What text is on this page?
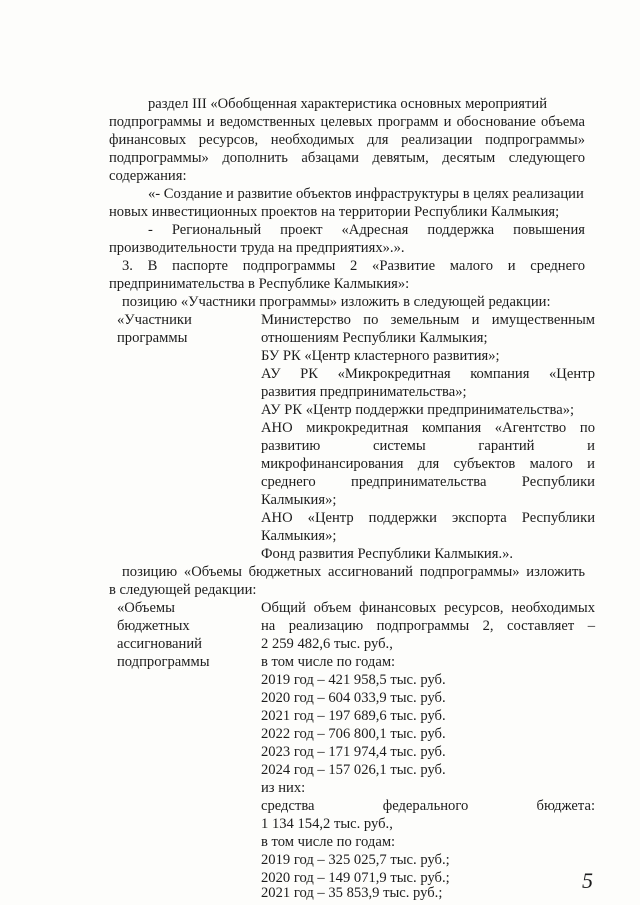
раздел III «Обобщенная характеристика основных мероприятий
подпрограммы и ведомственных целевых программ и обоснование объема
финансовых ресурсов, необходимых для реализации подпрограммы»
подпрограммы» дополнить абзацами девятым, десятым следующего
содержания:
«- Создание и развитие объектов инфраструктуры в целях реализации
новых инвестиционных проектов на территории Республики Калмыкия;
- Региональный проект «Адресная поддержка повышения
производительности труда на предприятиях».».
3. В паспорте подпрограммы 2 «Развитие малого и среднего
предпринимательства в Республике Калмыкия»:
позицию «Участники программы» изложить в следующей редакции:
«Участники
программы
Министерство по земельным и имущественным
отношениям Республики Калмыкия;
БУ РК «Центр кластерного развития»;
АУ РК «Микрокредитная компания «Центр
развития предпринимательства»;
АУ РК «Центр поддержки предпринимательства»;
АНО микрокредитная компания «Агентство по
развитию системы гарантий и
микрофинансирования для субъектов малого и
среднего предпринимательства Республики
Калмыкия»;
АНО «Центр поддержки экспорта Республики
Калмыкия»;
Фонд развития Республики Калмыкия.».
позицию «Объемы бюджетных ассигнований подпрограммы» изложить
в следующей редакции:
«Объемы
бюджетных
ассигнований
подпрограммы
Общий объем финансовых ресурсов, необходимых
на реализацию подпрограммы 2, составляет –
2 259 482,6 тыс. руб.,
в том числе по годам:
2019 год – 421 958,5 тыс. руб.
2020 год – 604 033,9 тыс. руб.
2021 год – 197 689,6 тыс. руб.
2022 год – 706 800,1 тыс. руб.
2023 год – 171 974,4 тыс. руб.
2024 год – 157 026,1 тыс. руб.
из них:
средства федерального бюджета:
1 134 154,2 тыс. руб.,
в том числе по годам:
2019 год – 325 025,7 тыс. руб.;
2020 год – 149 071,9 тыс. руб.;
2021 год – 35 853,9 тыс. руб.;	5
